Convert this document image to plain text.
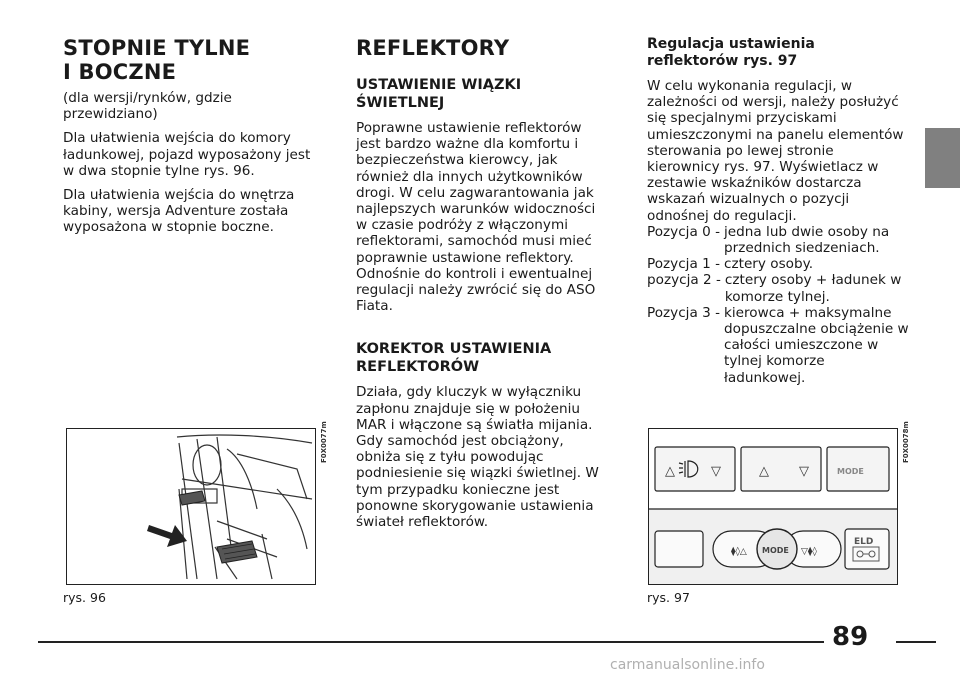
STOPNIE TYLNE
I BOCZNE

(dla wersji/rynków, gdzie przewidziano)

Dla ułatwienia wejścia do komory ładunkowej, pojazd wyposażony jest w dwa stopnie tylne rys. 96.

Dla ułatwienia wejścia do wnętrza kabiny, wersja Adventure została wyposażona w stopnie boczne.

REFLEKTORY
USTAWIENIE WIĄZKI
ŚWIETLNEJ

Poprawne ustawienie reflektorów jest bardzo ważne dla komfortu i bezpieczeństwa kierowcy, jak również dla innych użytkowników drogi. W celu zagwarantowania jak najlepszych warunków widoczności w czasie podróży z włączonymi reflektorami, samochód musi mieć poprawnie ustawione reflektory. Odnośnie do kontroli i ewentualnej regulacji należy zwrócić się do ASO Fiata.

KOREKTOR USTAWIENIA
REFLEKTORÓW

Działa, gdy kluczyk w wyłączniku zapłonu znajduje się w położeniu MAR i włączone są światła mijania. Gdy samochód jest obciążony, obniża się z tyłu powodując podniesienie się wiązki świetlnej. W tym przypadku konieczne jest ponowne skorygowanie ustawienia świateł reflektorów.

Regulacja ustawienia
reflektorów rys. 97

W celu wykonania regulacji, w zależności od wersji, należy posłużyć się specjalnymi przyciskami umieszczonymi na panelu elementów sterowania po lewej stronie kierownicy rys. 97. Wyświetlacz w zestawie wskaźników dostarcza wskazań wizualnych o pozycji odnośnej do regulacji.

Pozycja 0 - jedna lub dwie osoby na przednich siedzeniach.
Pozycja 1 - cztery osoby.
pozycja 2 - cztery osoby + ładunek w komorze tylnej.
Pozycja 3 - kierowca + maksymalne dopuszczalne obciążenie w całości umieszczone w tylnej komorze ładunkowej.
F0X0077m
rys. 96
△	▽	△ ▽	MODE
MODE
⧫◊△	▽⧫◊
ELD
F0X0078m
rys. 97
89
carmanualsonline.info
